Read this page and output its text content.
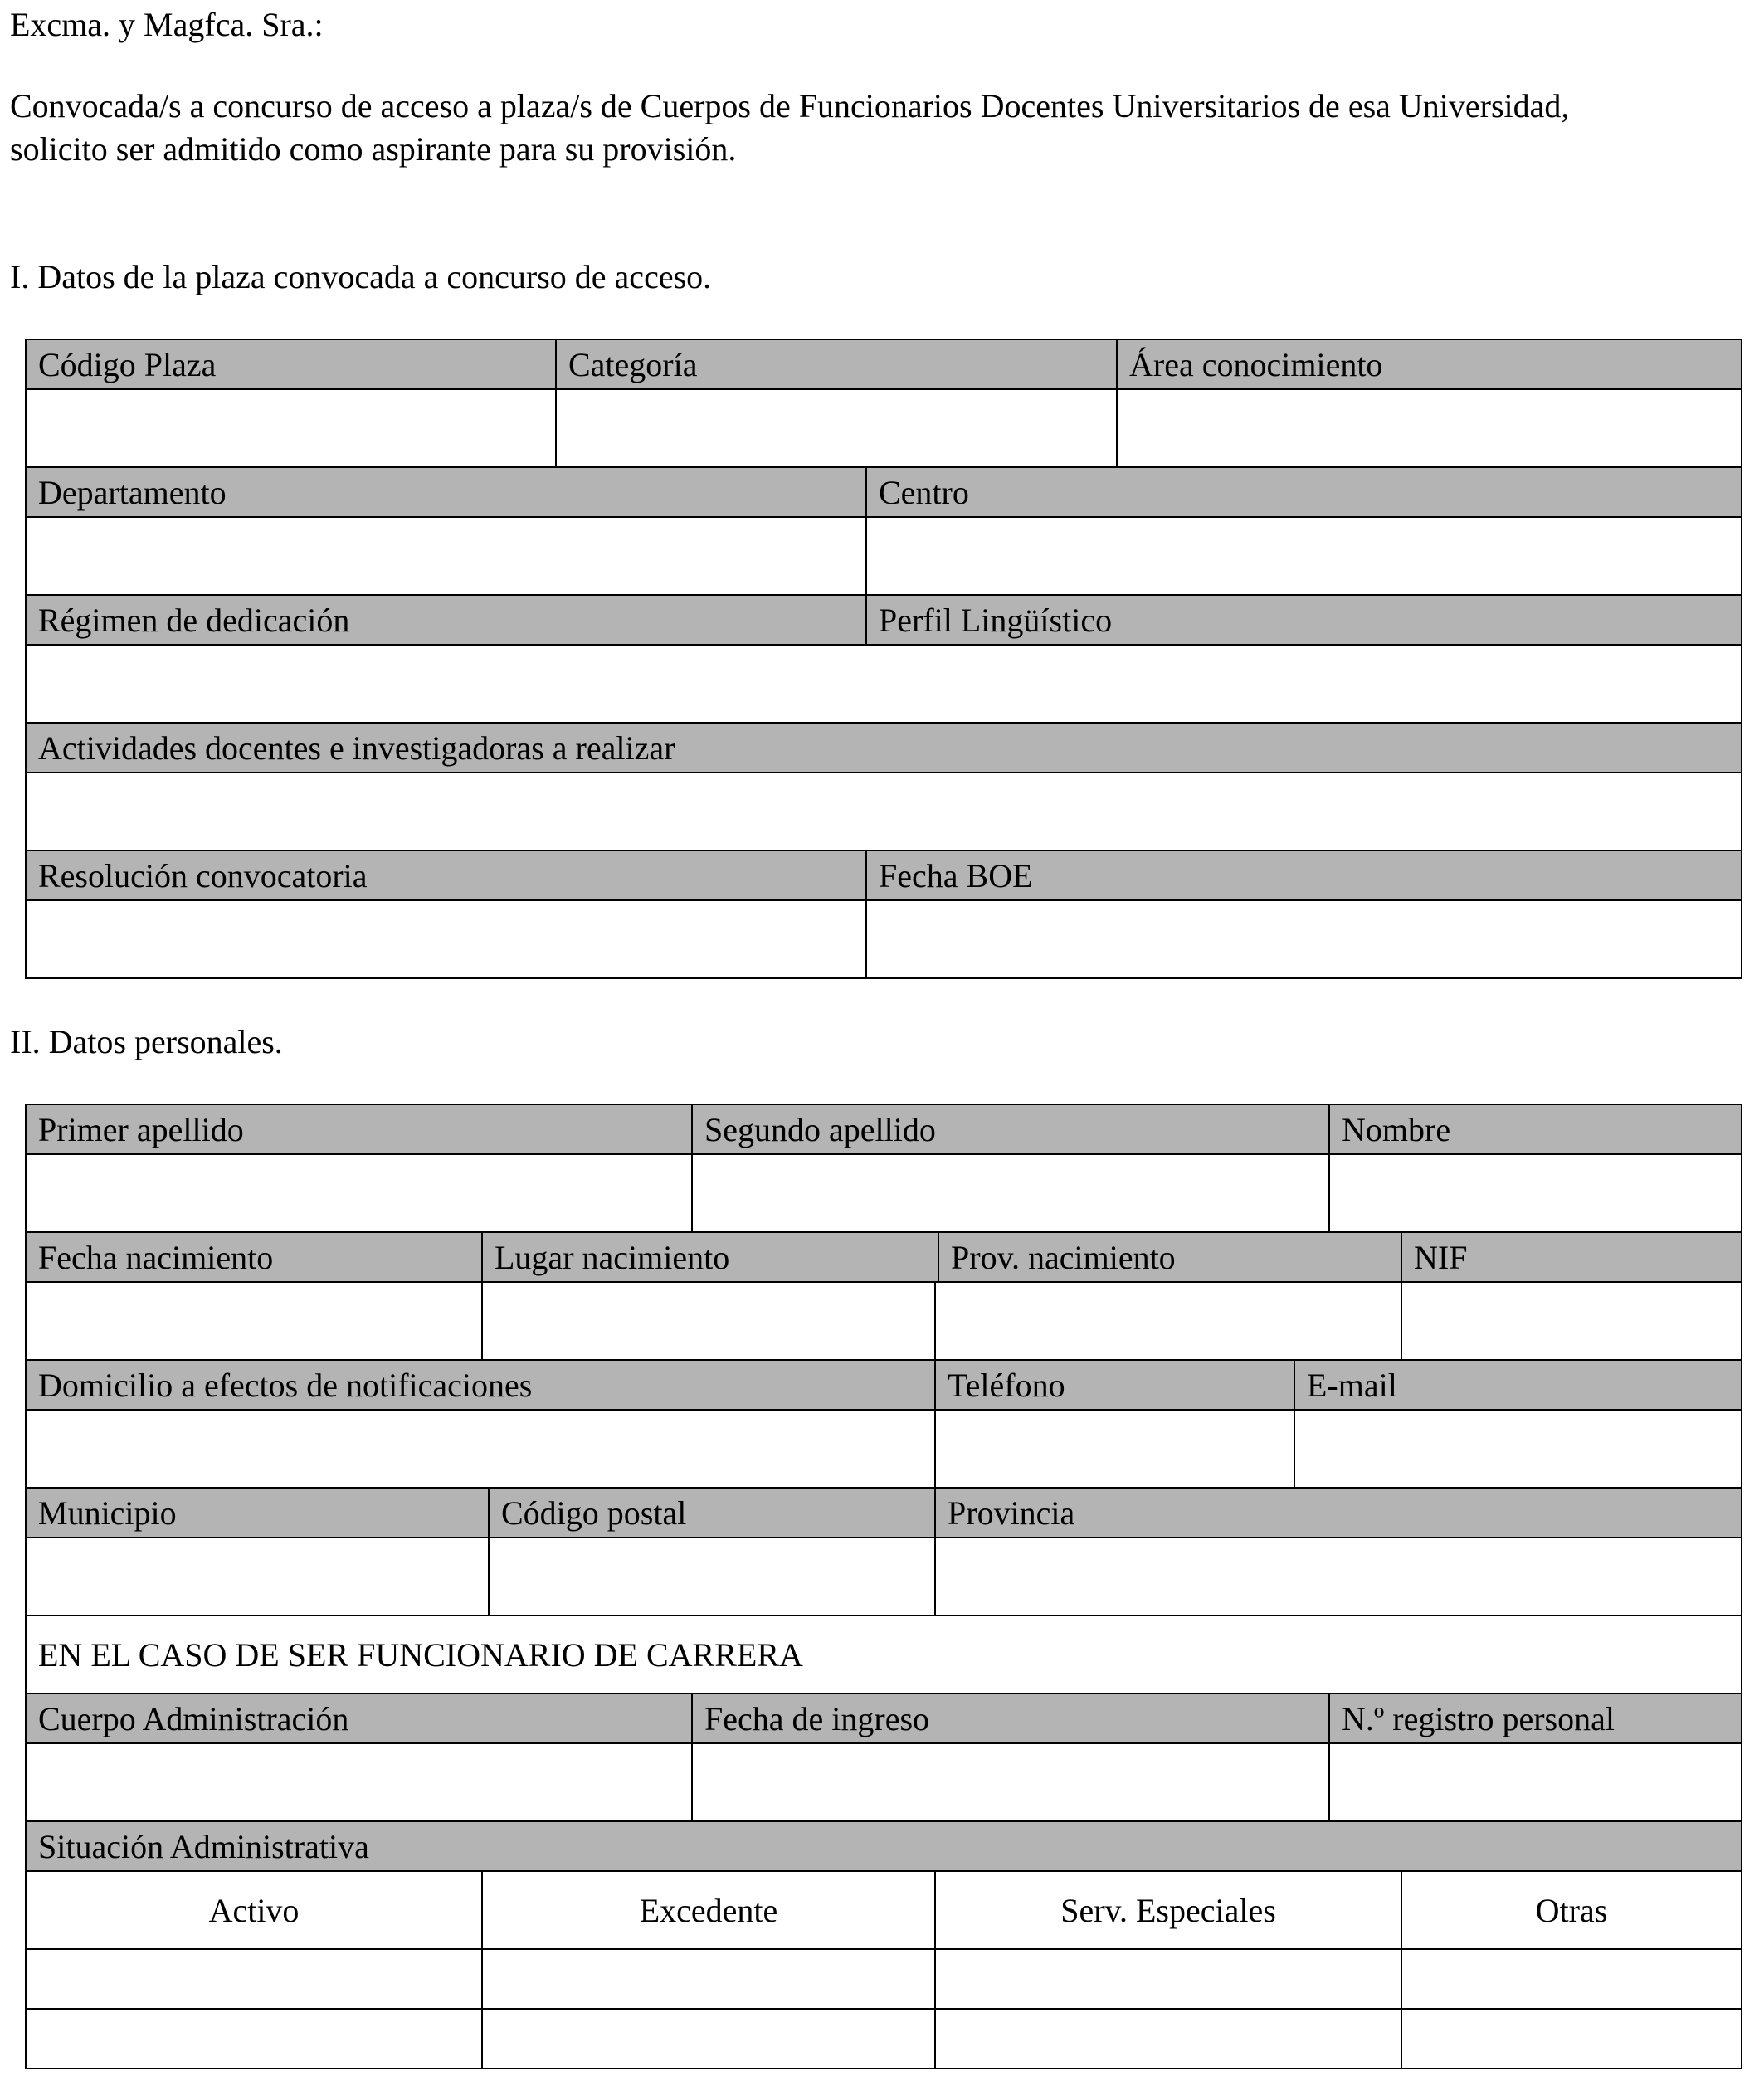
Excma. y Magfca. Sra.:
Convocada/s a concurso de acceso a plaza/s de Cuerpos de Funcionarios Docentes Universitarios de esa Universidad,
solicito ser admitido como aspirante para su provisión.
I. Datos de la plaza convocada a concurso de acceso.
Código Plaza	Categoría	Área conocimiento
Departamento	Centro
Régimen de dedicación	Perfil Lingüístico
Actividades docentes e investigadoras a realizar
Resolución convocatoria	Fecha BOE
II. Datos personales.
Primer apellido	Segundo apellido	Nombre
Fecha nacimiento	Lugar nacimiento	Prov. nacimiento	NIF
Domicilio a efectos de notificaciones	Teléfono	E-mail
Municipio	Código postal	Provincia
EN EL CASO DE SER FUNCIONARIO DE CARRERA
Cuerpo Administración	Fecha de ingreso	N.º registro personal
Situación Administrativa
Activo	Excedente	Serv. Especiales	Otras
